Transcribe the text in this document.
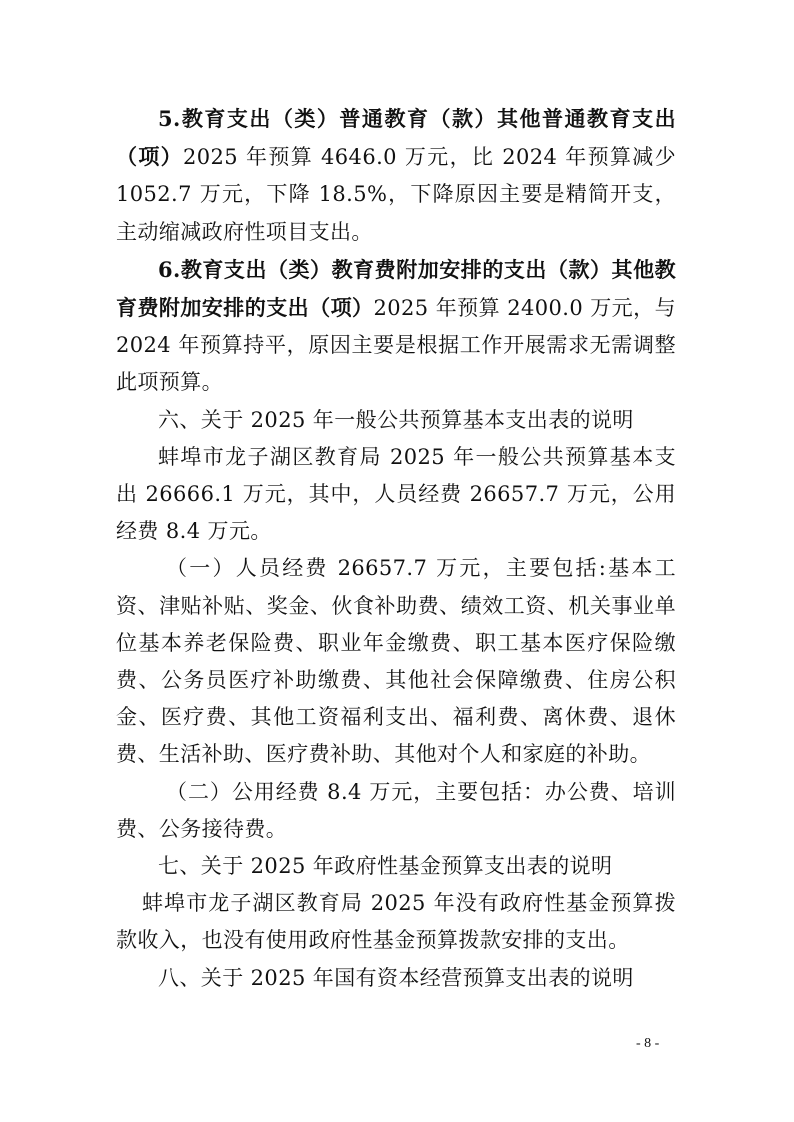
5.教育支出（类）普通教育（款）其他普通教育支出（项）2025 年预算 4646.0 万元，比 2024 年预算减少 1052.7 万元，下降 18.5%，下降原因主要是精简开支，主动缩减政府性项目支出。

6.教育支出（类）教育费附加安排的支出（款）其他教育费附加安排的支出（项）2025 年预算 2400.0 万元，与 2024 年预算持平，原因主要是根据工作开展需求无需调整此项预算。

六、关于 2025 年一般公共预算基本支出表的说明

蚌埠市龙子湖区教育局 2025 年一般公共预算基本支出 26666.1 万元，其中，人员经费 26657.7 万元，公用经费 8.4 万元。

（一）人员经费 26657.7 万元，主要包括:基本工资、津贴补贴、奖金、伙食补助费、绩效工资、机关事业单位基本养老保险费、职业年金缴费、职工基本医疗保险缴费、公务员医疗补助缴费、其他社会保障缴费、住房公积金、医疗费、其他工资福利支出、福利费、离休费、退休费、生活补助、医疗费补助、其他对个人和家庭的补助。

（二）公用经费 8.4 万元，主要包括：办公费、培训费、公务接待费。

七、关于 2025 年政府性基金预算支出表的说明

蚌埠市龙子湖区教育局 2025 年没有政府性基金预算拨款收入，也没有使用政府性基金预算拨款安排的支出。

八、关于 2025 年国有资本经营预算支出表的说明

- 8 -
